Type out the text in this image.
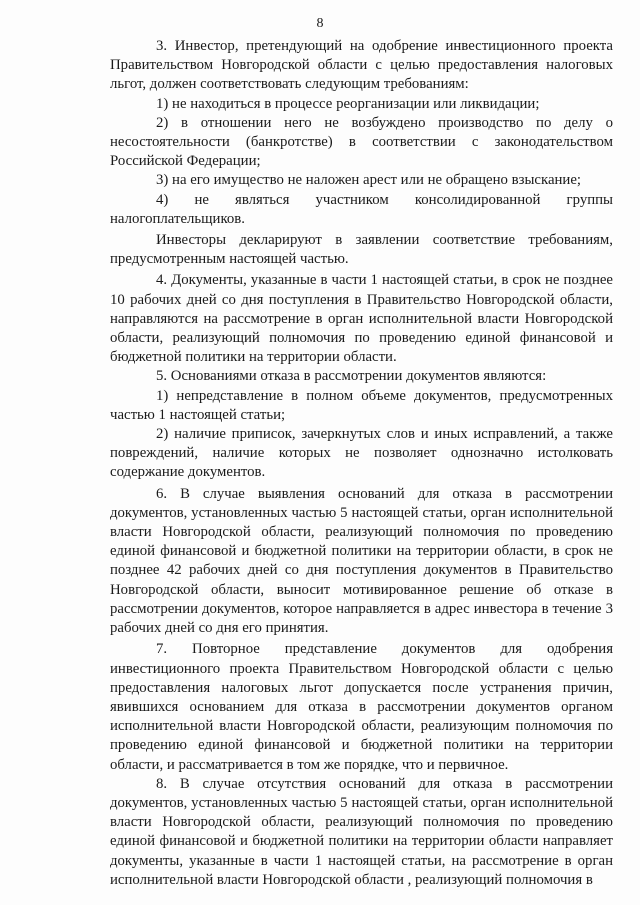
8

3. Инвестор, претендующий на одобрение инвестиционного проекта Правительством Новгородской области с целью предоставления налоговых льгот, должен соответствовать следующим требованиям:

1) не находиться в процессе реорганизации или ликвидации;

2) в отношении него не возбуждено производство по делу о несостоятельности (банкротстве) в соответствии с законодательством Российской Федерации;

3) на его имущество не наложен арест или не обращено взыскание;

4) не являться участником консолидированной группы налогоплательщиков.

Инвесторы декларируют в заявлении соответствие требованиям, предусмотренным настоящей частью.

4. Документы, указанные в части 1 настоящей статьи, в срок не позднее 10 рабочих дней со дня поступления в Правительство Новгородской области, направляются на рассмотрение в орган исполнительной власти Новгородской области, реализующий полномочия по проведению единой финансовой и бюджетной политики на территории области.

5. Основаниями отказа в рассмотрении документов являются:

1) непредставление в полном объеме документов, предусмотренных частью 1 настоящей статьи;

2) наличие приписок, зачеркнутых слов и иных исправлений, а также повреждений, наличие которых не позволяет однозначно истолковать содержание документов.

6. В случае выявления оснований для отказа в рассмотрении документов, установленных частью 5 настоящей статьи, орган исполнительной власти Новгородской области, реализующий полномочия по проведению единой финансовой и бюджетной политики на территории области, в срок не позднее 42 рабочих дней со дня поступления документов в Правительство Новгородской области, выносит мотивированное решение об отказе в рассмотрении документов, которое направляется в адрес инвестора в течение 3 рабочих дней со дня его принятия.

7. Повторное представление документов для одобрения инвестиционного проекта Правительством Новгородской области с целью предоставления налоговых льгот допускается после устранения причин, явившихся основанием для отказа в рассмотрении документов органом исполнительной власти Новгородской области, реализующим полномочия по проведению единой финансовой и бюджетной политики на территории области, и рассматривается в том же порядке, что и первичное.

8. В случае отсутствия оснований для отказа в рассмотрении документов, установленных частью 5 настоящей статьи, орган исполнительной власти Новгородской области, реализующий полномочия по проведению единой финансовой и бюджетной политики на территории области направляет документы, указанные в части 1 настоящей статьи, на рассмотрение в орган исполнительной власти Новгородской области , реализующий полномочия в
